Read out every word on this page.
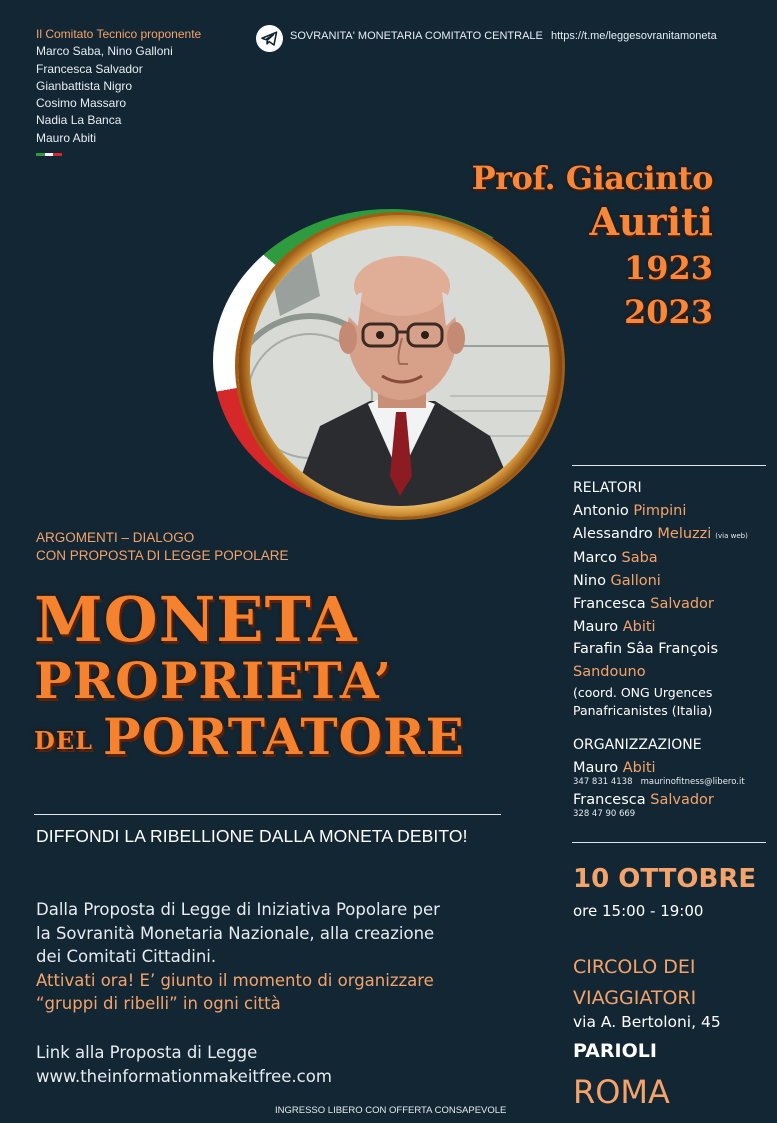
Il Comitato Tecnico proponente
Marco Saba, Nino Galloni
Francesca Salvador
Gianbattista Nigro
Cosimo Massaro
Nadia La Banca
Mauro Abiti
SOVRANITA' MONETARIA COMITATO CENTRALE https://t.me/leggesovranitamoneta
Prof. Giacinto
Auriti
1923
2023
ARGOMENTI – DIALOGO
CON PROPOSTA DI LEGGE POPOLARE
MONETA
PROPRIETA’
DEL PORTATORE
DIFFONDI LA RIBELLIONE DALLA MONETA DEBITO!
Dalla Proposta di Legge di Iniziativa Popolare per la Sovranità Monetaria Nazionale, alla creazione dei Comitati Cittadini.
Attivati ora! E’ giunto il momento di organizzare
“gruppi di ribelli” in ogni città
Link alla Proposta di Legge
www.theinformationmakeitfree.com
INGRESSO LIBERO CON OFFERTA CONSAPEVOLE
RELATORI
Antonio Pimpini
Alessandro Meluzzi (via web)
Marco Saba
Nino Galloni
Francesca Salvador
Mauro Abiti
Farafin Sâa François
Sandouno
(coord. ONG Urgences Panafricanistes (Italia)
ORGANIZZAZIONE
Mauro Abiti
347 831 4138 maurinofitness@libero.it
Francesca Salvador
328 47 90 669
10 OTTOBRE
ore 15:00 - 19:00
CIRCOLO DEI
VIAGGIATORI
via A. Bertoloni, 45
PARIOLI
ROMA
